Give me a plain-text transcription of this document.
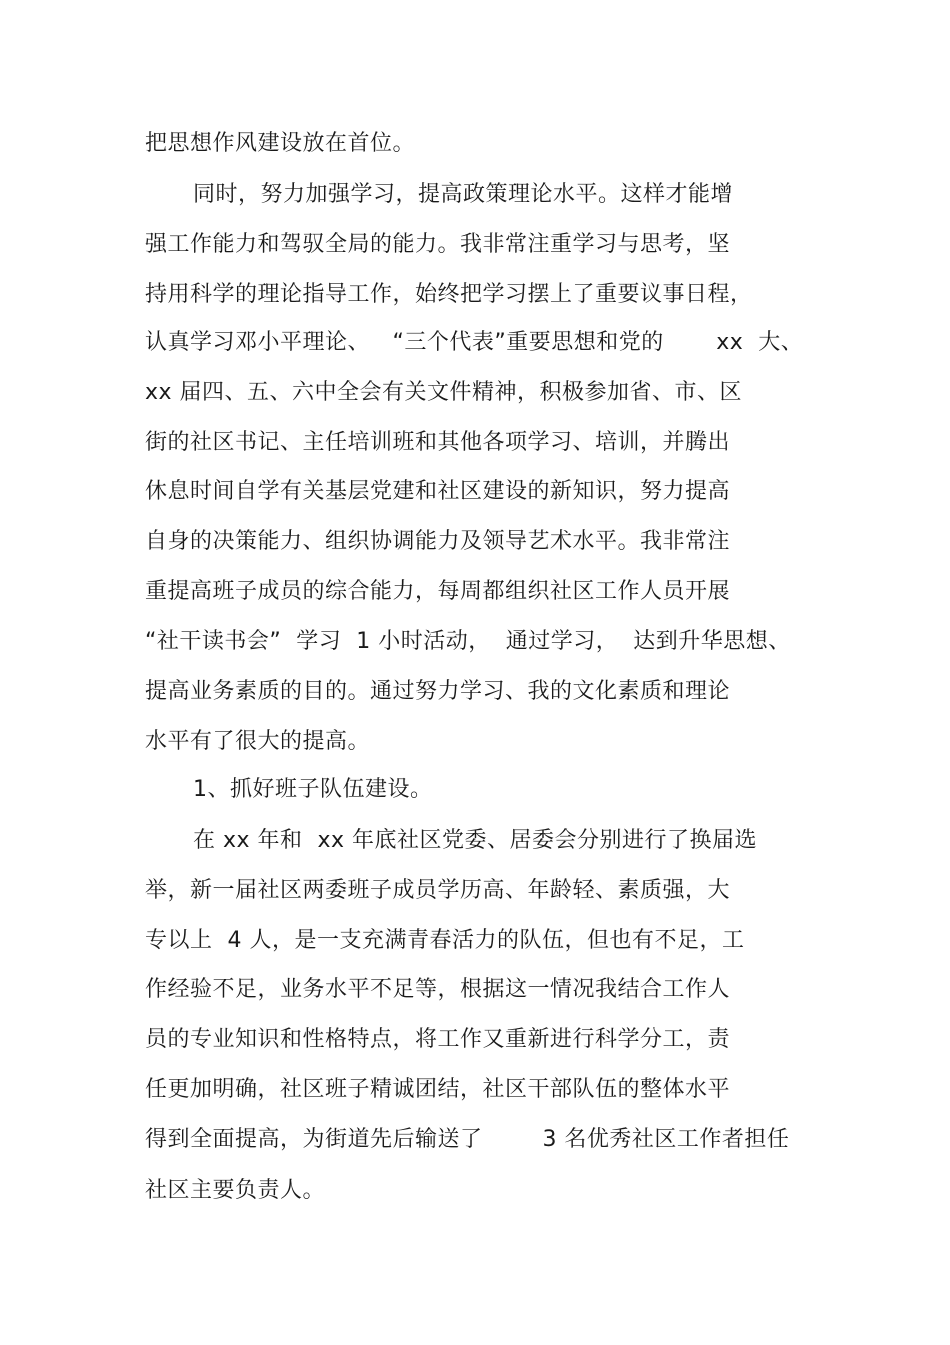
把思想作风建设放在首位。
同时，努力加强学习，提高政策理论水平。这样才能增
强工作能力和驾驭全局的能力。我非常注重学习与思考，坚
持用科学的理论指导工作，始终把学习摆上了重要议事日程，
认真学习邓小平理论、   “三个代表”重要思想和党的       xx  大、
xx 届四、五、六中全会有关文件精神，积极参加省、市、区
街的社区书记、主任培训班和其他各项学习、培训，并腾出
休息时间自学有关基层党建和社区建设的新知识，努力提高
自身的决策能力、组织协调能力及领导艺术水平。我非常注
重提高班子成员的综合能力，每周都组织社区工作人员开展
“社干读书会”  学习  1 小时活动，  通过学习，  达到升华思想、
提高业务素质的目的。通过努力学习、我的文化素质和理论
水平有了很大的提高。
1、抓好班子队伍建设。
在 xx 年和  xx 年底社区党委、居委会分别进行了换届选
举，新一届社区两委班子成员学历高、年龄轻、素质强，大
专以上  4 人，是一支充满青春活力的队伍，但也有不足，工
作经验不足，业务水平不足等，根据这一情况我结合工作人
员的专业知识和性格特点，将工作又重新进行科学分工，责
任更加明确，社区班子精诚团结，社区干部队伍的整体水平
得到全面提高，为街道先后输送了        3 名优秀社区工作者担任
社区主要负责人。
